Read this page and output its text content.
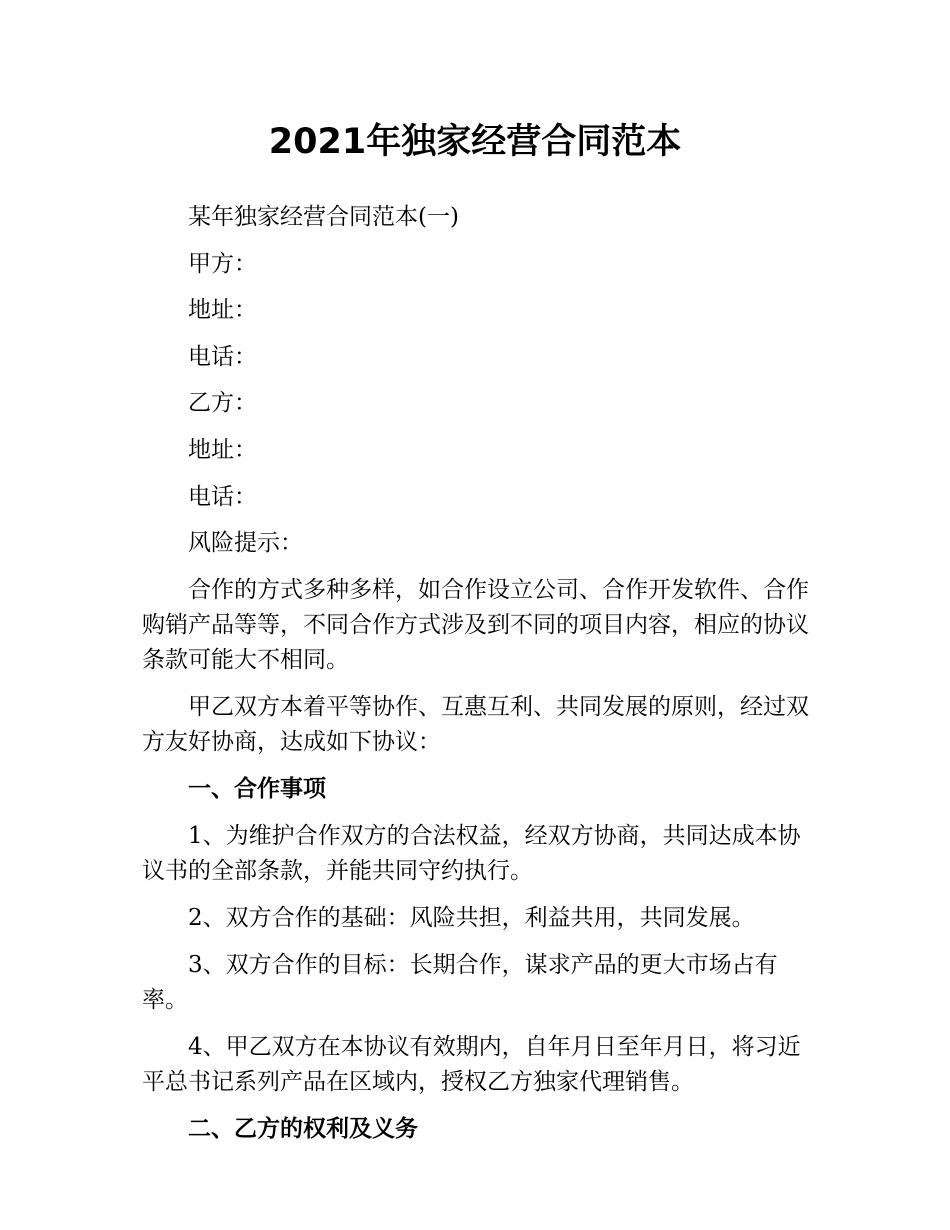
2021年独家经营合同范本

某年独家经营合同范本(一)

甲方：

地址：

电话：

乙方：

地址：

电话：

风险提示：

合作的方式多种多样，如合作设立公司、合作开发软件、合作购销产品等等，不同合作方式涉及到不同的项目内容，相应的协议条款可能大不相同。

甲乙双方本着平等协作、互惠互利、共同发展的原则，经过双方友好协商，达成如下协议：

一、合作事项

1、为维护合作双方的合法权益，经双方协商，共同达成本协议书的全部条款，并能共同守约执行。

2、双方合作的基础：风险共担，利益共用，共同发展。

3、双方合作的目标：长期合作，谋求产品的更大市场占有率。

4、甲乙双方在本协议有效期内，自年月日至年月日，将习近平总书记系列产品在区域内，授权乙方独家代理销售。

二、乙方的权利及义务
